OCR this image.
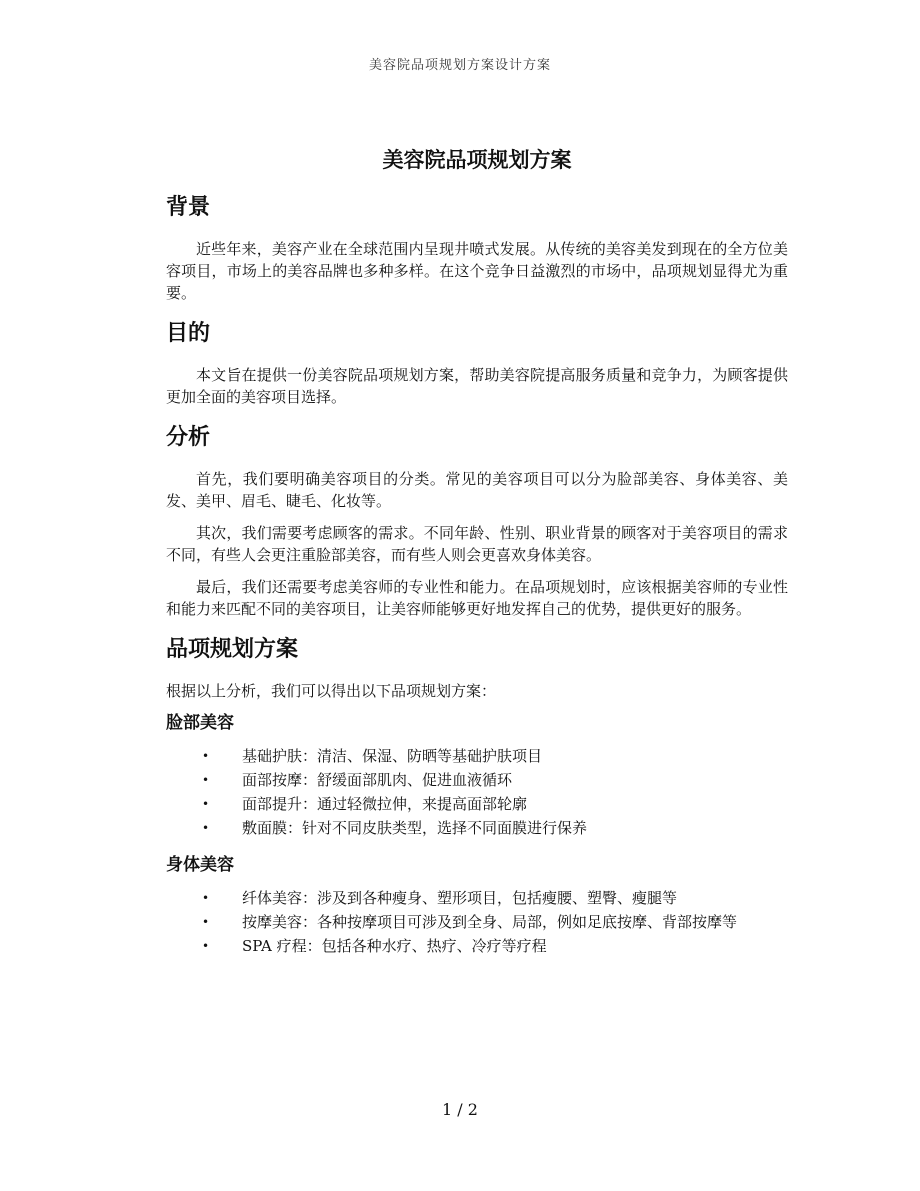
美容院品项规划方案设计方案
美容院品项规划方案
背景

近些年来，美容产业在全球范围内呈现井喷式发展。从传统的美容美发到现在的全方位美容项目，市场上的美容品牌也多种多样。在这个竞争日益激烈的市场中，品项规划显得尤为重要。

目的

本文旨在提供一份美容院品项规划方案，帮助美容院提高服务质量和竞争力，为顾客提供更加全面的美容项目选择。

分析

首先，我们要明确美容项目的分类。常见的美容项目可以分为脸部美容、身体美容、美发、美甲、眉毛、睫毛、化妆等。

其次，我们需要考虑顾客的需求。不同年龄、性别、职业背景的顾客对于美容项目的需求不同，有些人会更注重脸部美容，而有些人则会更喜欢身体美容。

最后，我们还需要考虑美容师的专业性和能力。在品项规划时，应该根据美容师的专业性和能力来匹配不同的美容项目，让美容师能够更好地发挥自己的优势，提供更好的服务。

品项规划方案

根据以上分析，我们可以得出以下品项规划方案：

脸部美容
• 基础护肤：清洁、保湿、防晒等基础护肤项目
• 面部按摩：舒缓面部肌肉、促进血液循环
• 面部提升：通过轻微拉伸，来提高面部轮廓
• 敷面膜：针对不同皮肤类型，选择不同面膜进行保养
身体美容
• 纤体美容：涉及到各种瘦身、塑形项目，包括瘦腰、塑臀、瘦腿等
• 按摩美容：各种按摩项目可涉及到全身、局部，例如足底按摩、背部按摩等
• SPA 疗程：包括各种水疗、热疗、冷疗等疗程
1 / 2
